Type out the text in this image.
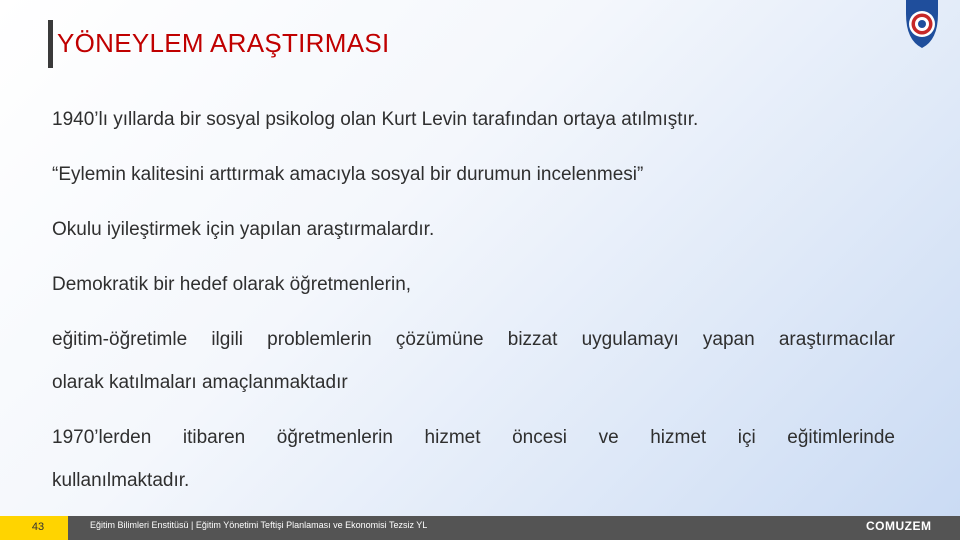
YÖNEYLEM ARAŞTIRMASI

1940’lı yıllarda bir sosyal psikolog olan Kurt Levin tarafından ortaya atılmıştır.

“Eylemin kalitesini arttırmak amacıyla sosyal bir durumun incelenmesi”

Okulu iyileştirmek için yapılan araştırmalardır.

Demokratik bir hedef olarak öğretmenlerin,

eğitim-öğretimle ilgili problemlerin çözümüne bizzat uygulamayı yapan araştırmacılar

olarak katılmaları amaçlanmaktadır

1970’lerden itibaren öğretmenlerin hizmet öncesi ve hizmet içi eğitimlerinde

kullanılmaktadır.

43	Eğitim Bilimleri Enstitüsü | Eğitim Yönetimi Teftişi Planlaması ve Ekonomisi Tezsiz YL	COMUZEM
